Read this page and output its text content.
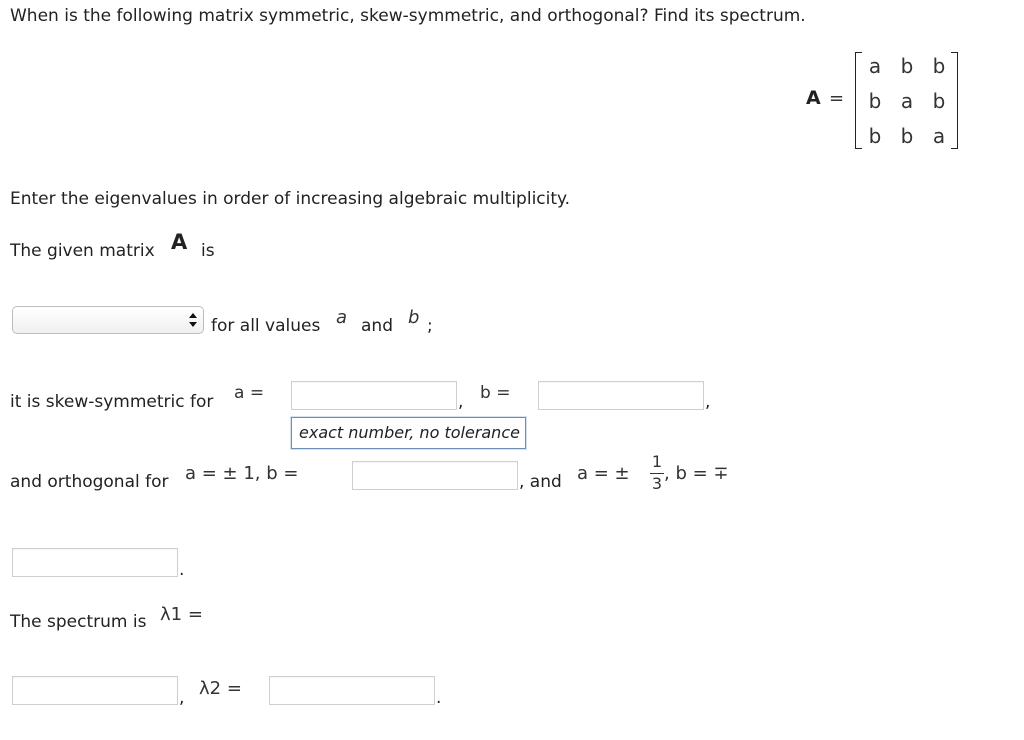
When is the following matrix symmetric, skew-symmetric, and orthogonal? Find its spectrum.
A =
a b b
b a b
b b a
Enter the eigenvalues in order of increasing algebraic multiplicity.
The given matrix A is
for all values a and b ;
it is skew-symmetric for a =	, b =	,
exact number, no tolerance
and orthogonal for a = ± 1, b =	, and a = ±
1
3 , b = ∓
.
The spectrum is λ1 =
, λ2 =	.
